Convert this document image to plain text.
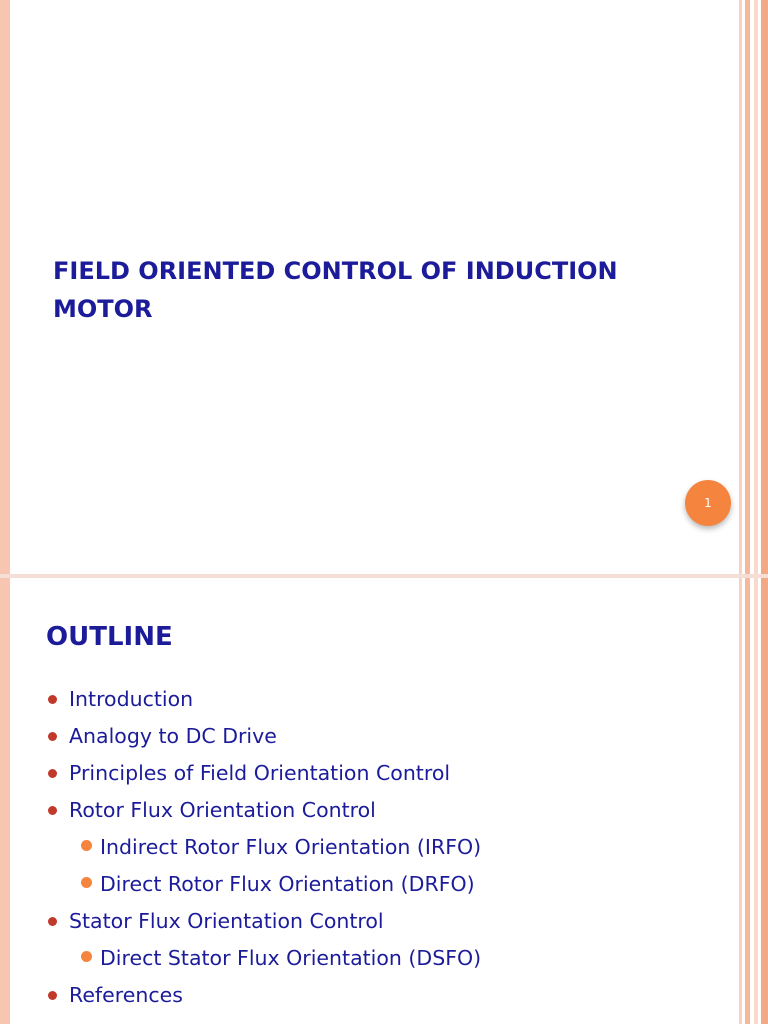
FIELD ORIENTED CONTROL OF INDUCTION MOTOR
1
OUTLINE
Introduction
Analogy to DC Drive
Principles of Field Orientation Control
Rotor Flux Orientation Control
Indirect Rotor Flux Orientation (IRFO)
Direct Rotor Flux Orientation (DRFO)
Stator Flux Orientation Control
Direct Stator Flux Orientation (DSFO)
References
